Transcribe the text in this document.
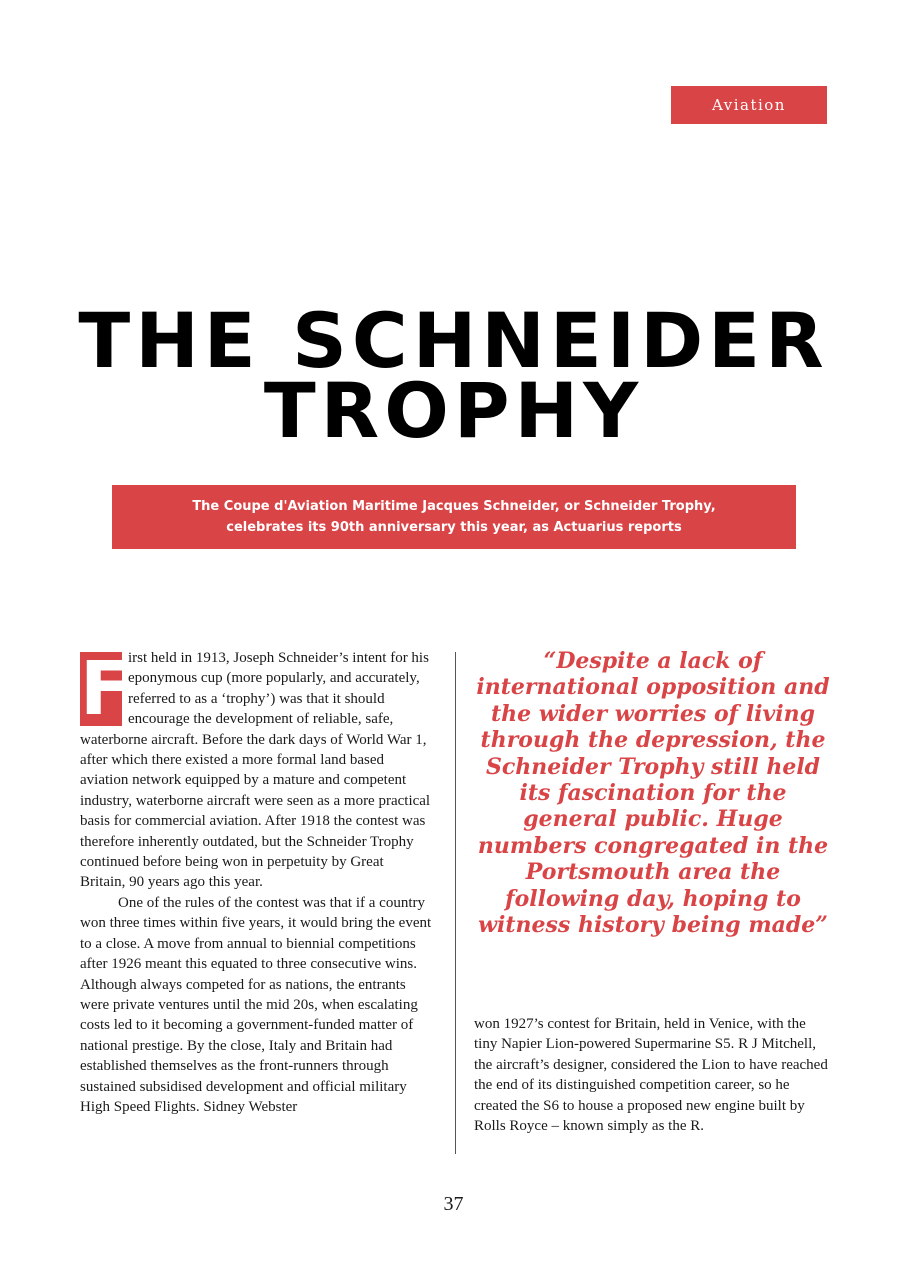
Aviation
THE SCHNEIDER
TROPHY
The Coupe d'Aviation Maritime Jacques Schneider, or Schneider Trophy, celebrates its 90th anniversary this year, as Actuarius reports

F
irst held in 1913, Joseph Schneider’s intent for his eponymous cup (more popularly, and accurately, referred to as a ‘trophy’) was that it should encourage the development of reliable, safe, waterborne aircraft. Before the dark days of World War 1, after which there existed a more formal land based aviation network equipped by a mature and competent industry, waterborne aircraft were seen as a more practical basis for commercial aviation. After 1918 the contest was therefore inherently outdated, but the Schneider Trophy continued before being won in perpetuity by Great Britain, 90 years ago this year.

One of the rules of the contest was that if a country won three times within five years, it would bring the event to a close. A move from annual to biennial competitions after 1926 meant this equated to three consecutive wins. Although always competed for as nations, the entrants were private ventures until the mid 20s, when escalating costs led to it becoming a government-funded matter of national prestige. By the close, Italy and Britain had established themselves as the front-runners through sustained subsidised development and official military High Speed Flights. Sidney Webster

“Despite a lack of international opposition and the wider worries of living through the depression, the Schneider Trophy still held its fascination for the general public. Huge numbers congregated in the Portsmouth area the following day, hoping to witness history being made”

won 1927’s contest for Britain, held in Venice, with the tiny Napier Lion-powered Supermarine S5. R J Mitchell, the aircraft’s designer, considered the Lion to have reached the end of its distinguished competition career, so he created the S6 to house a proposed new engine built by Rolls Royce – known simply as the R.

37
